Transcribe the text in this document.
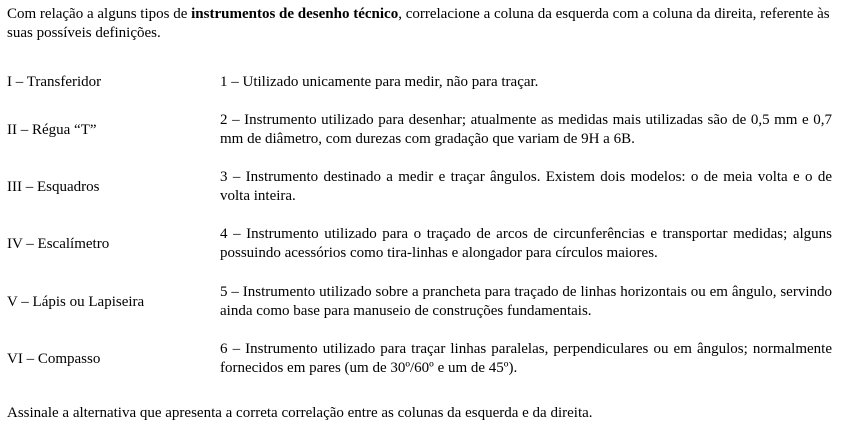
Com relação a alguns tipos de instrumentos de desenho técnico, correlacione a coluna da esquerda com a coluna da direita, referente às suas possíveis definições.

I – Transferidor	1 – Utilizado unicamente para medir, não para traçar.

II – Régua “T”

2 – Instrumento utilizado para desenhar; atualmente as medidas mais utilizadas são de 0,5 mm e 0,7 mm de diâmetro, com durezas com gradação que variam de 9H a 6B.

III – Esquadros

3 – Instrumento destinado a medir e traçar ângulos. Existem dois modelos: o de meia volta e o de volta inteira.

IV – Escalímetro

4 – Instrumento utilizado para o traçado de arcos de circunferências e transportar medidas; alguns possuindo acessórios como tira-linhas e alongador para círculos maiores.

V – Lápis ou Lapiseira

5 – Instrumento utilizado sobre a prancheta para traçado de linhas horizontais ou em ângulo, servindo ainda como base para manuseio de construções fundamentais.

VI – Compasso

6 – Instrumento utilizado para traçar linhas paralelas, perpendiculares ou em ângulos; normalmente fornecidos em pares (um de 30º/60º e um de 45º).

Assinale a alternativa que apresenta a correta correlação entre as colunas da esquerda e da direita.
